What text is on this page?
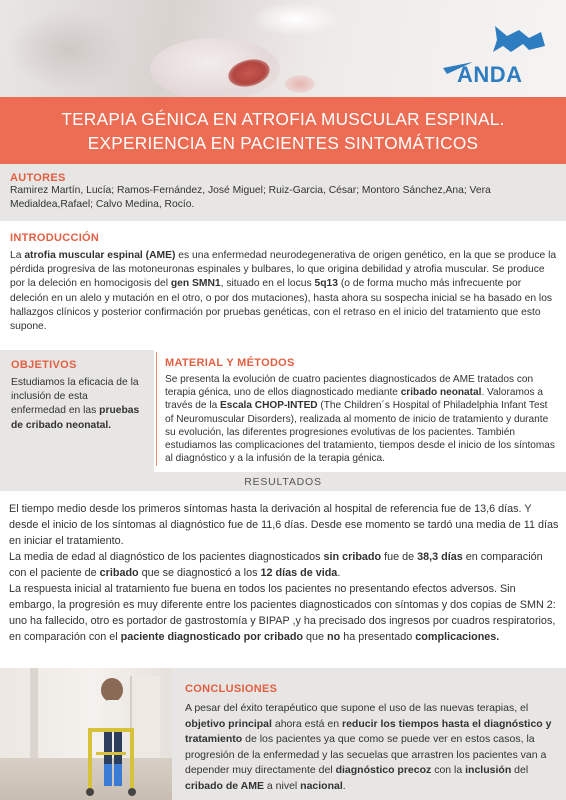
ANDA
TERAPIA GÉNICA EN ATROFIA MUSCULAR ESPINAL.
EXPERIENCIA EN PACIENTES SINTOMÁTICOS
AUTORES
Ramirez Martín, Lucía; Ramos-Fernández, José Miguel; Ruiz-Garcia, César; Montoro Sánchez,Ana; Vera Medialdea,Rafael; Calvo Medina, Rocío.
INTRODUCCIÓN
La atrofia muscular espinal (AME) es una enfermedad neurodegenerativa de origen genético, en la que se produce la pérdida progresiva de las motoneuronas espinales y bulbares, lo que origina debilidad y atrofia muscular. Se produce por la deleción en homocigosis del gen SMN1, situado en el locus 5q13 (o de forma mucho más infrecuente por deleción en un alelo y mutación en el otro, o por dos mutaciones), hasta ahora su sospecha inicial se ha basado en los hallazgos clínicos y posterior confirmación por pruebas genéticas, con el retraso en el inicio del tratamiento que esto supone.
OBJETIVOS
Estudiamos la eficacia de la inclusión de esta enfermedad en las pruebas de cribado neonatal.
MATERIAL Y MÉTODOS
Se presenta la evolución de cuatro pacientes diagnosticados de AME tratados con terapia génica, uno de ellos diagnosticado mediante cribado neonatal. Valoramos a través de la Escala CHOP-INTED (The Children´s Hospital of Philadelphia Infant Test of Neuromuscular Disorders), realizada al momento de inicio de tratamiento y durante su evolución, las diferentes progresiones evolutivas de los pacientes. También estudiamos las complicaciones del tratamiento, tiempos desde el inicio de los síntomas al diagnóstico y a la infusión de la terapia génica.
RESULTADOS
El tiempo medio desde los primeros síntomas hasta la derivación al hospital de referencia fue de 13,6 días. Y desde el inicio de los síntomas al diagnóstico fue de 11,6 días. Desde ese momento se tardó una media de 11 días en iniciar el tratamiento.
La media de edad al diagnóstico de los pacientes diagnosticados sin cribado fue de 38,3 días en comparación con el paciente de cribado que se diagnosticó a los 12 días de vida.
La respuesta inicial al tratamiento fue buena en todos los pacientes no presentando efectos adversos. Sin embargo, la progresión es muy diferente entre los pacientes diagnosticados con síntomas y dos copias de SMN 2: uno ha fallecido, otro es portador de gastrostomía y BIPAP ,y ha precisado dos ingresos por cuadros respiratorios, en comparación con el paciente diagnosticado por cribado que no ha presentado complicaciones.
CONCLUSIONES
A pesar del éxito terapéutico que supone el uso de las nuevas terapias, el objetivo principal ahora está en reducir los tiempos hasta el diagnóstico y tratamiento de los pacientes ya que como se puede ver en estos casos, la progresión de la enfermedad y las secuelas que arrastren los pacientes van a depender muy directamente del diagnóstico precoz con la inclusión del cribado de AME a nivel nacional.
